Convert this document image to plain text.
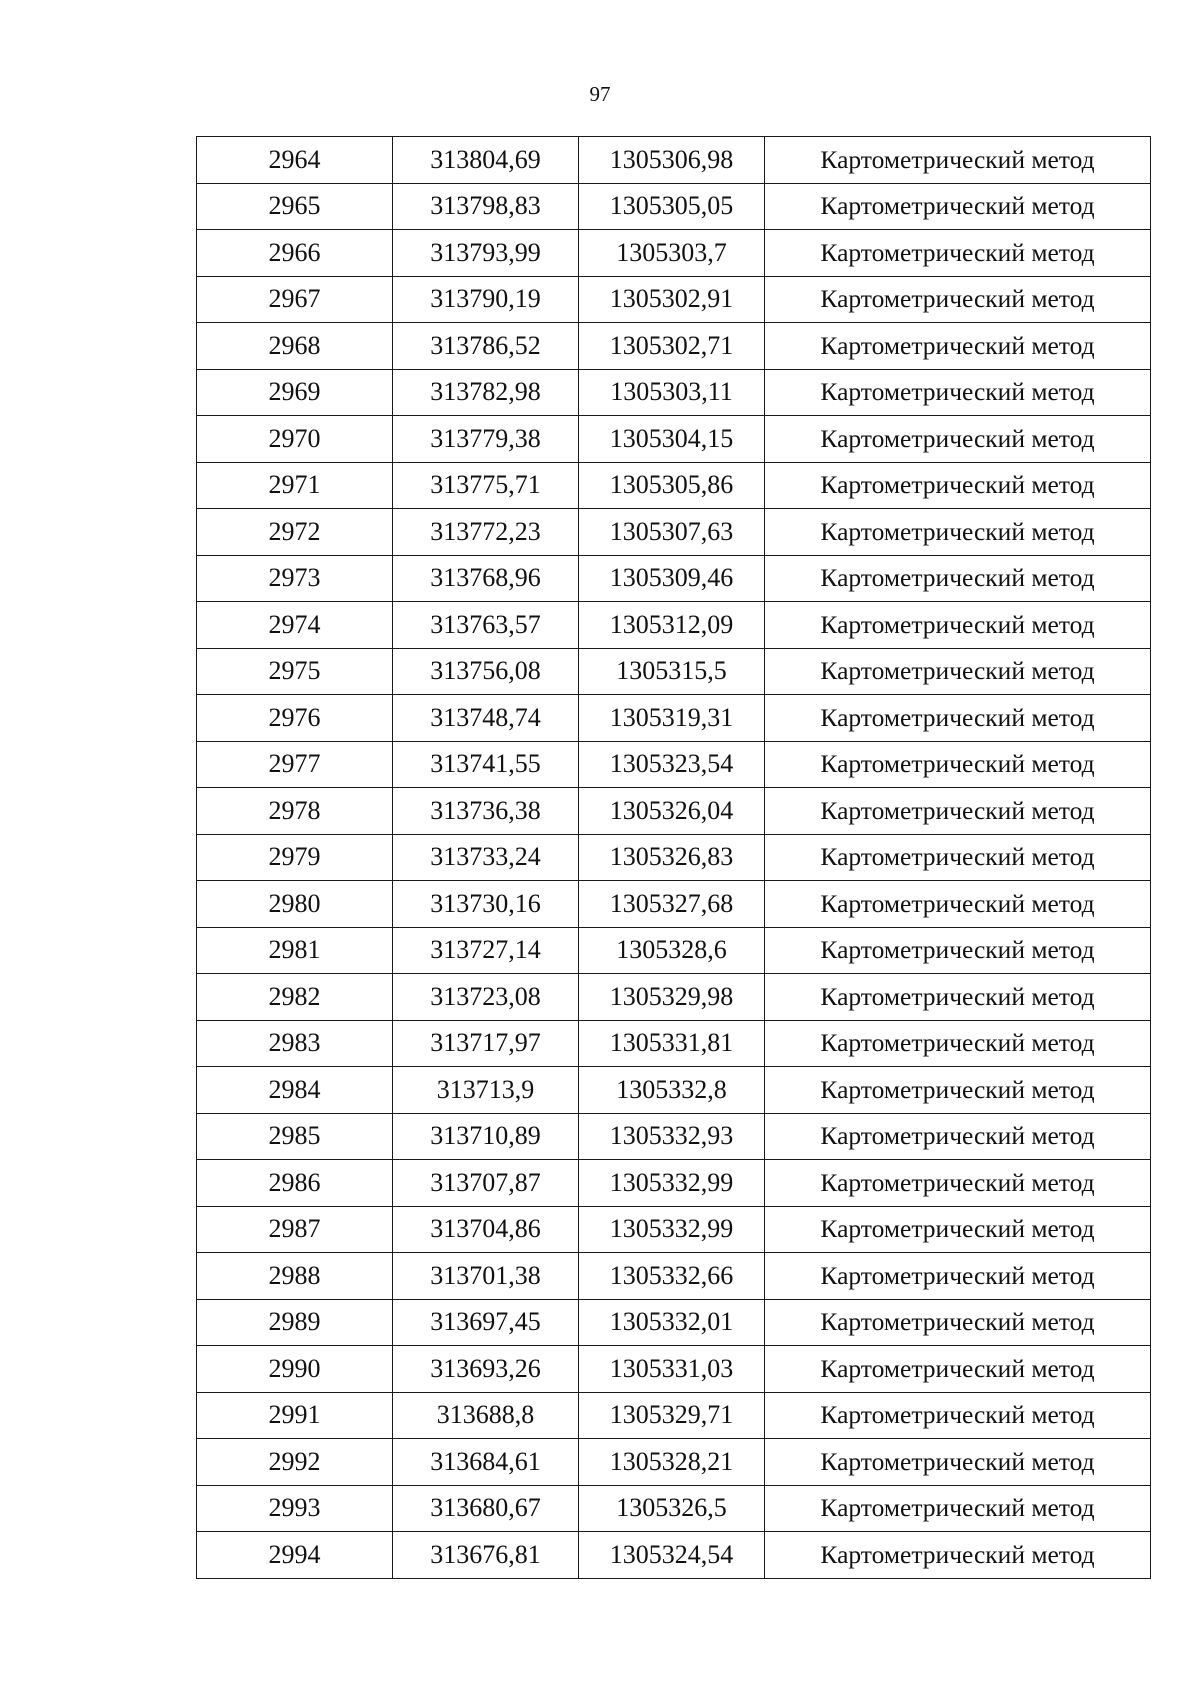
97
2964	313804,69	1305306,98	Картометрический метод
2965	313798,83	1305305,05	Картометрический метод
2966	313793,99	1305303,7	Картометрический метод
2967	313790,19	1305302,91	Картометрический метод
2968	313786,52	1305302,71	Картометрический метод
2969	313782,98	1305303,11	Картометрический метод
2970	313779,38	1305304,15	Картометрический метод
2971	313775,71	1305305,86	Картометрический метод
2972	313772,23	1305307,63	Картометрический метод
2973	313768,96	1305309,46	Картометрический метод
2974	313763,57	1305312,09	Картометрический метод
2975	313756,08	1305315,5	Картометрический метод
2976	313748,74	1305319,31	Картометрический метод
2977	313741,55	1305323,54	Картометрический метод
2978	313736,38	1305326,04	Картометрический метод
2979	313733,24	1305326,83	Картометрический метод
2980	313730,16	1305327,68	Картометрический метод
2981	313727,14	1305328,6	Картометрический метод
2982	313723,08	1305329,98	Картометрический метод
2983	313717,97	1305331,81	Картометрический метод
2984	313713,9	1305332,8	Картометрический метод
2985	313710,89	1305332,93	Картометрический метод
2986	313707,87	1305332,99	Картометрический метод
2987	313704,86	1305332,99	Картометрический метод
2988	313701,38	1305332,66	Картометрический метод
2989	313697,45	1305332,01	Картометрический метод
2990	313693,26	1305331,03	Картометрический метод
2991	313688,8	1305329,71	Картометрический метод
2992	313684,61	1305328,21	Картометрический метод
2993	313680,67	1305326,5	Картометрический метод
2994	313676,81	1305324,54	Картометрический метод
